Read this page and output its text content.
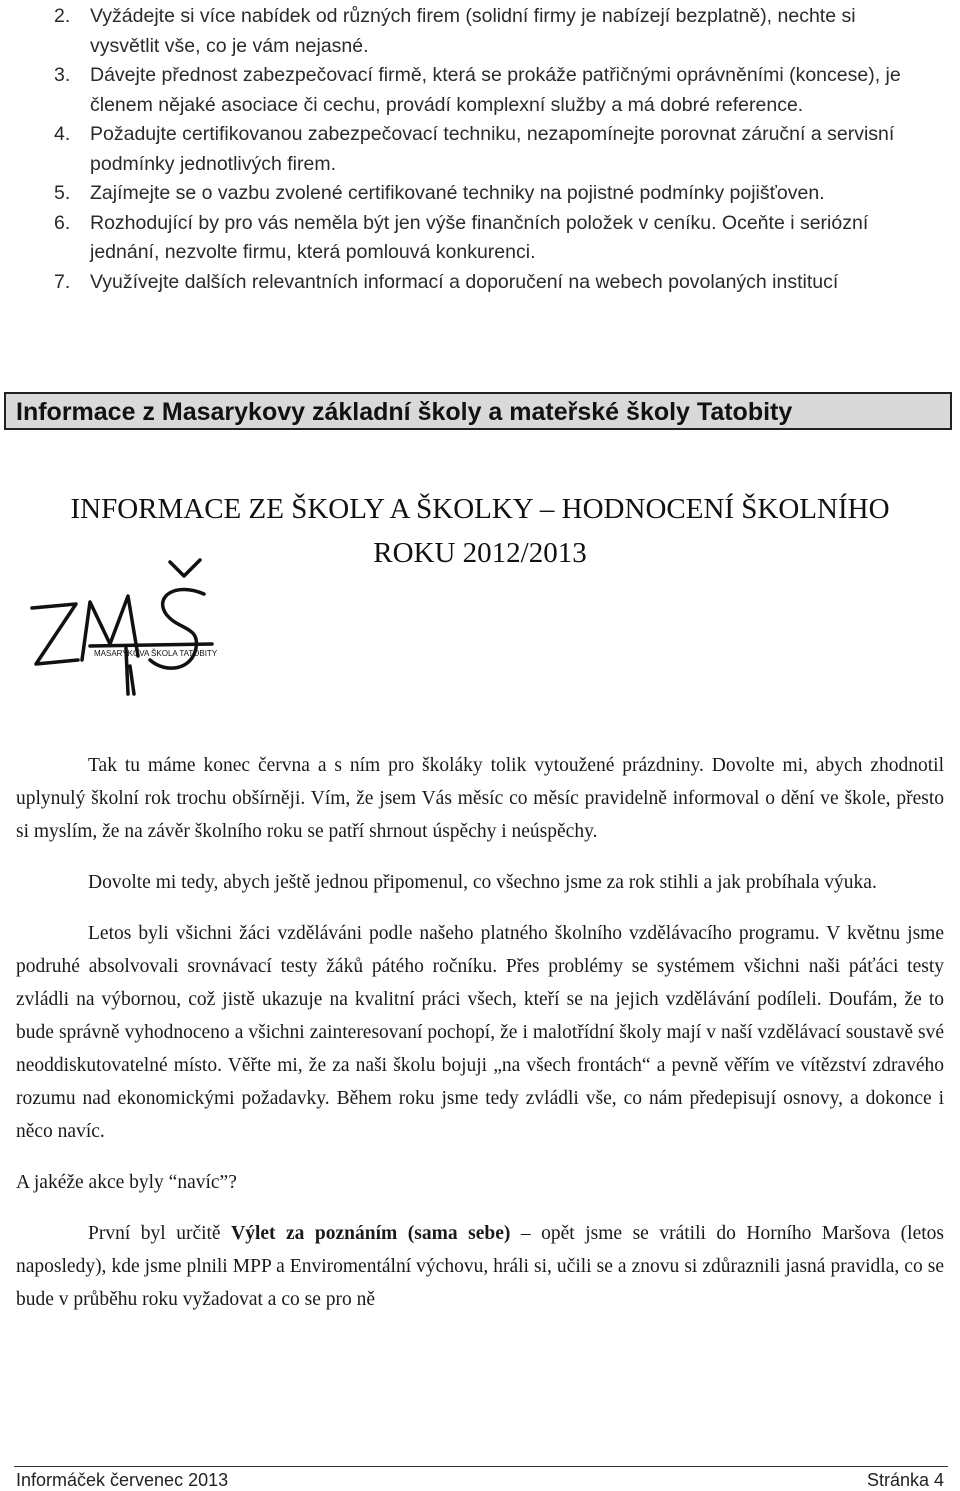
2. Vyžádejte si více nabídek od různých firem (solidní firmy je nabízejí bezplatně), nechte si vysvětlit vše, co je vám nejasné.
3. Dávejte přednost zabezpečovací firmě, která se prokáže patřičnými oprávněními (koncese), je členem nějaké asociace či cechu, provádí komplexní služby a má dobré reference.
4. Požadujte certifikovanou zabezpečovací techniku, nezapomínejte porovnat záruční a servisní podmínky jednotlivých firem.
5. Zajímejte se o vazbu zvolené certifikované techniky na pojistné podmínky pojišťoven.
6. Rozhodující by pro vás neměla být jen výše finančních položek v ceníku. Oceňte i seriózní jednání, nezvolte firmu, která pomlouvá konkurenci.
7. Využívejte dalších relevantních informací a doporučení na webech povolaných institucí
Informace z Masarykovy základní školy a mateřské školy Tatobity
INFORMACE ZE ŠKOLY A ŠKOLKY – HODNOCENÍ ŠKOLNÍHO
ROKU 2012/2013
MASARYKOVA ŠKOLA TATOBITY

Tak tu máme konec června a s ním pro školáky tolik vytoužené prázdniny. Dovolte mi, abych zhodnotil uplynulý školní rok trochu obšírněji. Vím, že jsem Vás měsíc co měsíc pravidelně informoval o dění ve škole, přesto si myslím, že na závěr školního roku se patří shrnout úspěchy i neúspěchy.

Dovolte mi tedy, abych ještě jednou připomenul, co všechno jsme za rok stihli a jak probíhala výuka.

Letos byli všichni žáci vzděláváni podle našeho platného školního vzdělávacího programu. V květnu jsme podruhé absolvovali srovnávací testy žáků pátého ročníku. Přes problémy se systémem všichni naši páťáci testy zvládli na výbornou, což jistě ukazuje na kvalitní práci všech, kteří se na jejich vzdělávání podíleli. Doufám, že to bude správně vyhodnoceno a všichni zainteresovaní pochopí, že i malotřídní školy mají v naší vzdělávací soustavě své neoddiskutovatelné místo. Věřte mi, že za naši školu bojuji „na všech frontách“ a pevně věřím ve vítězství zdravého rozumu nad ekonomickými požadavky. Během roku jsme tedy zvládli vše, co nám předepisují osnovy, a dokonce i něco navíc.

A jakéže akce byly “navíc”?

První byl určitě Výlet za poznáním (sama sebe) – opět jsme se vrátili do Horního Maršova (letos naposledy), kde jsme plnili MPP a Enviromentální výchovu, hráli si, učili se a znovu si zdůraznili jasná pravidla, co se bude v průběhu roku vyžadovat a co se pro ně

Informáček červenec 2013	Stránka 4
